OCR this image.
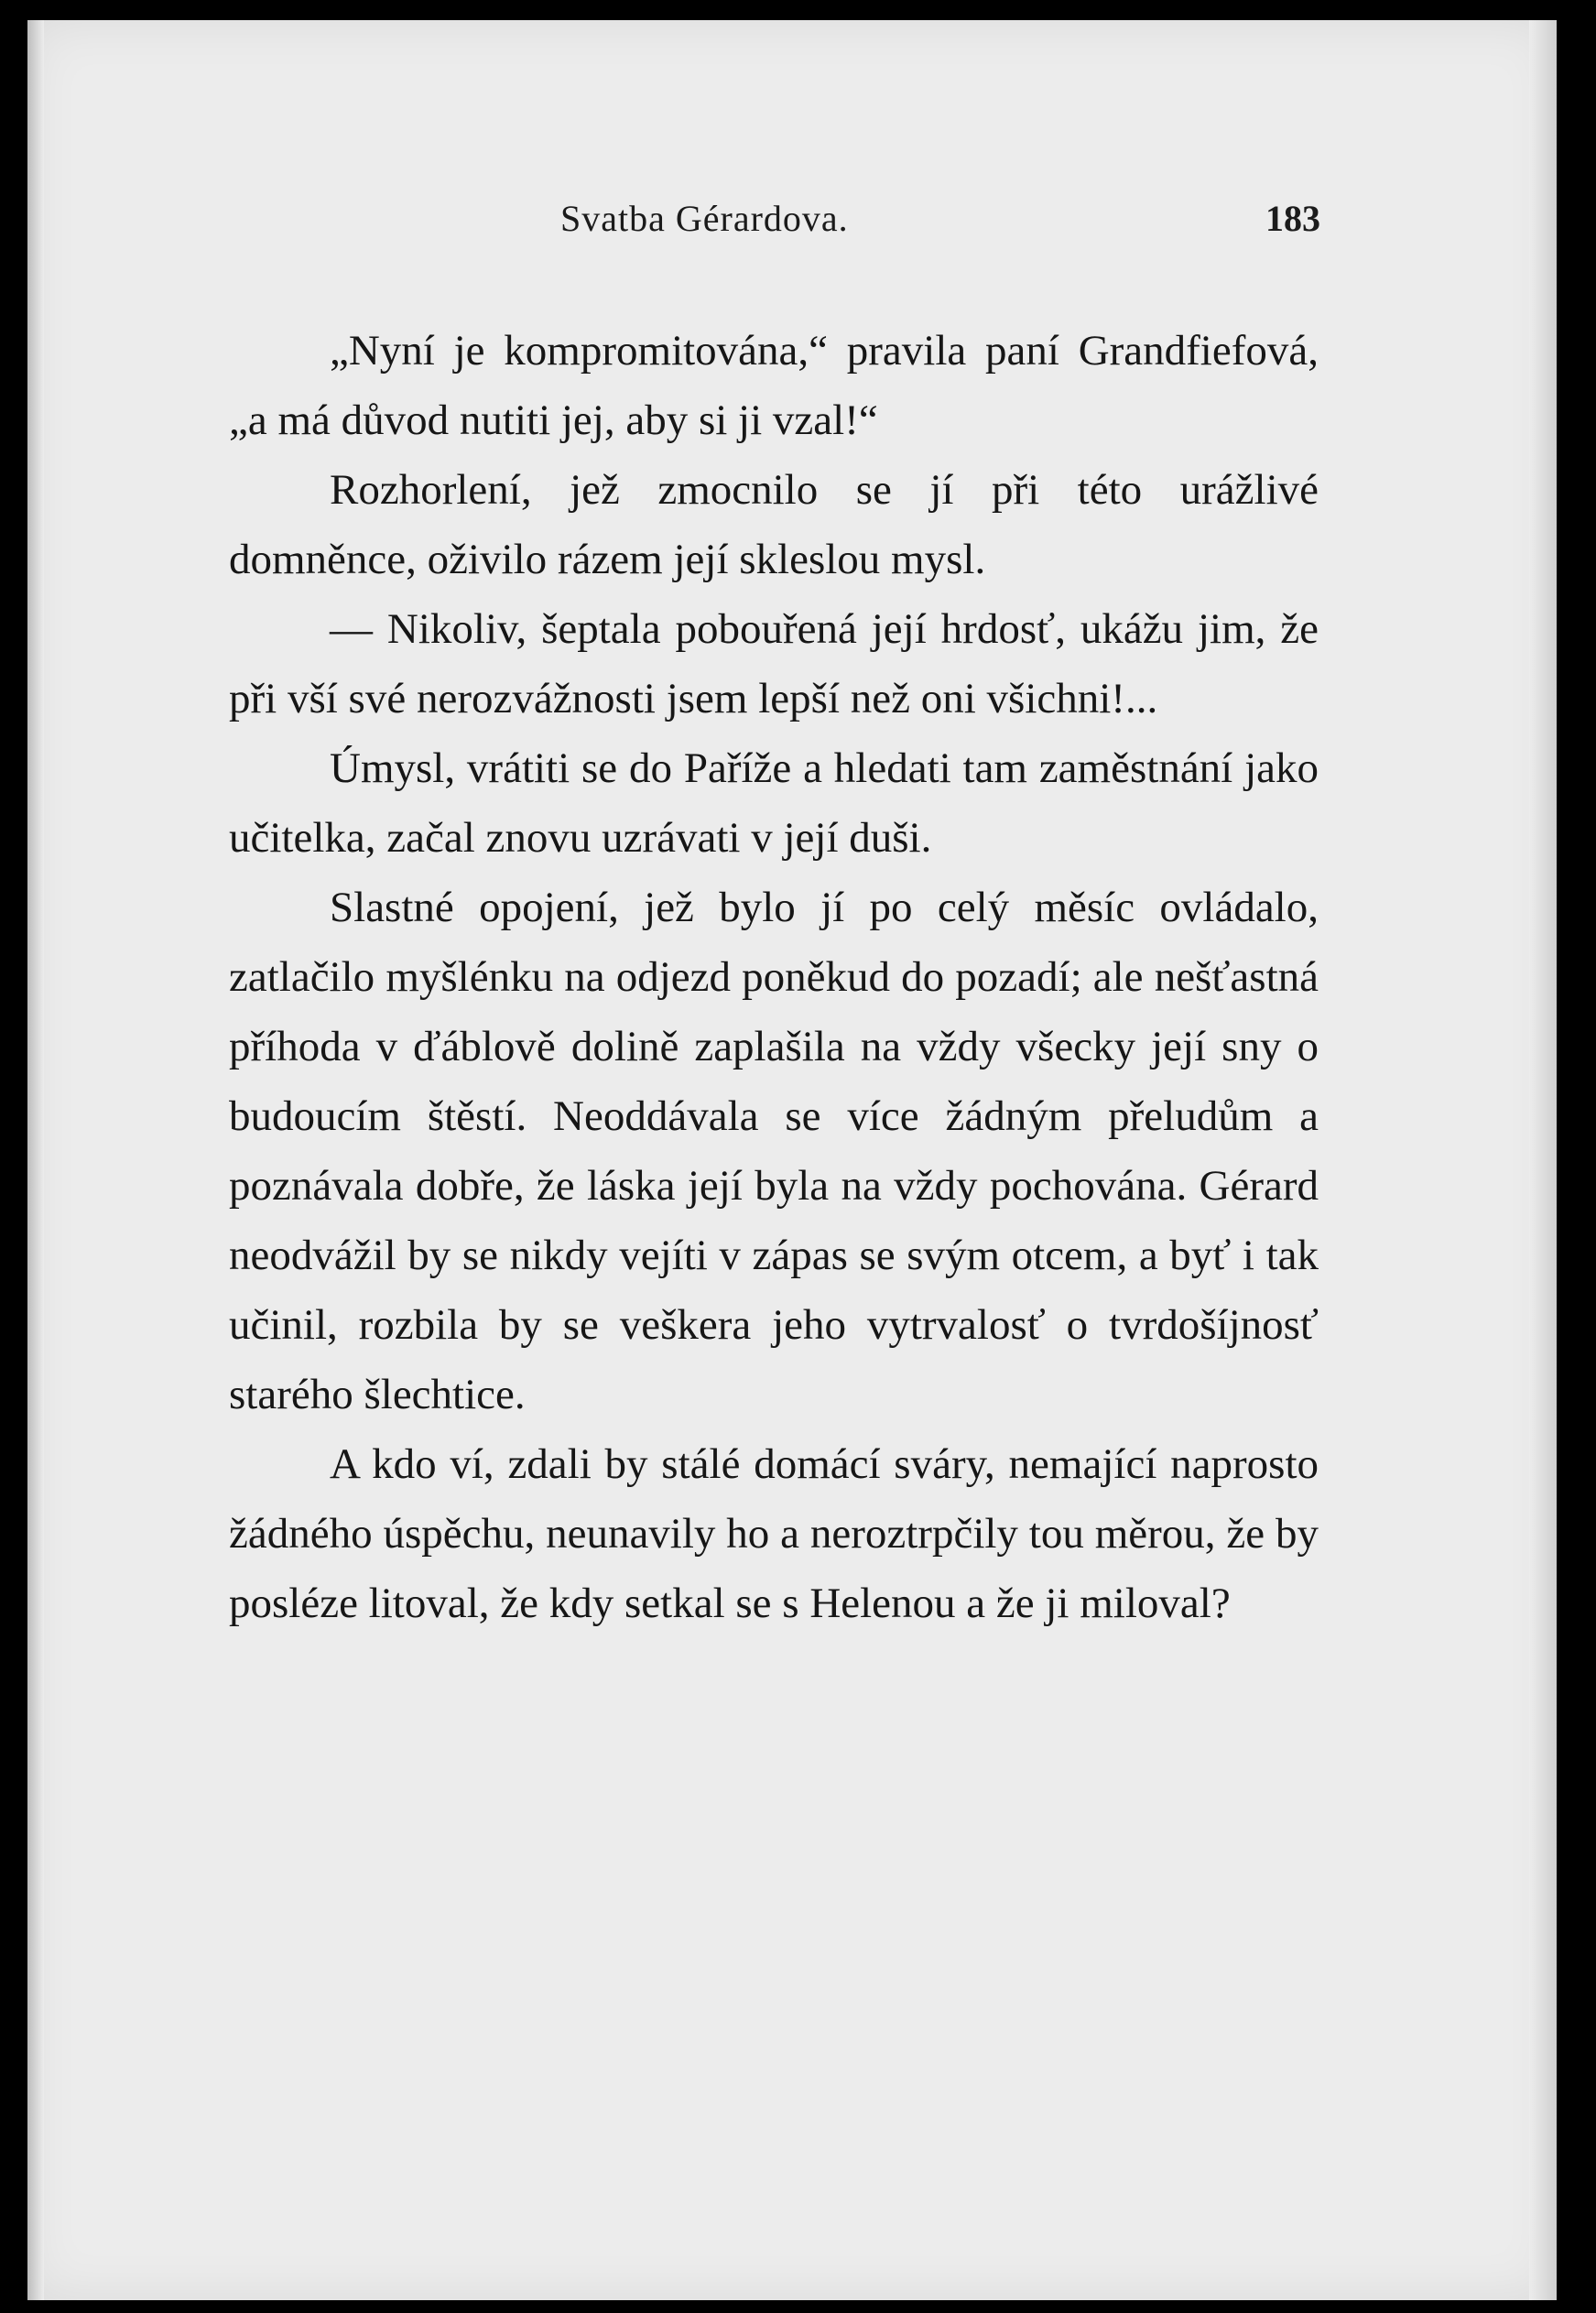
Svatba Gérardova.	183

„Nyní je kompromitována,“ pravila paní Grandfiefová, „a má důvod nutiti jej, aby si ji vzal!“

Rozhorlení, jež zmocnilo se jí při této urážlivé domněnce, oživilo rázem její skleslou mysl.

— Nikoliv, šeptala pobouřená její hrdosť, ukážu jim, že při vší své nerozvážnosti jsem lepší než oni všichni!...

Úmysl, vrátiti se do Paříže a hledati tam zaměstnání jako učitelka, začal znovu uzrávati v její duši.

Slastné opojení, jež bylo jí po celý měsíc ovládalo, zatlačilo myšlénku na odjezd poněkud do pozadí; ale nešťastná příhoda v ďáblově dolině zaplašila na vždy všecky její sny o budoucím štěstí. Neoddávala se více žádným přeludům a poznávala dobře, že láska její byla na vždy pochována. Gérard neodvážil by se nikdy vejíti v zápas se svým otcem, a byť i tak učinil, rozbila by se veškera jeho vytrvalosť o tvrdošíjnosť starého šlechtice.

A kdo ví, zdali by stálé domácí sváry, nemající naprosto žádného úspěchu, neunavily ho a neroztrpčily tou měrou, že by posléze litoval, že kdy setkal se s Helenou a že ji miloval?
